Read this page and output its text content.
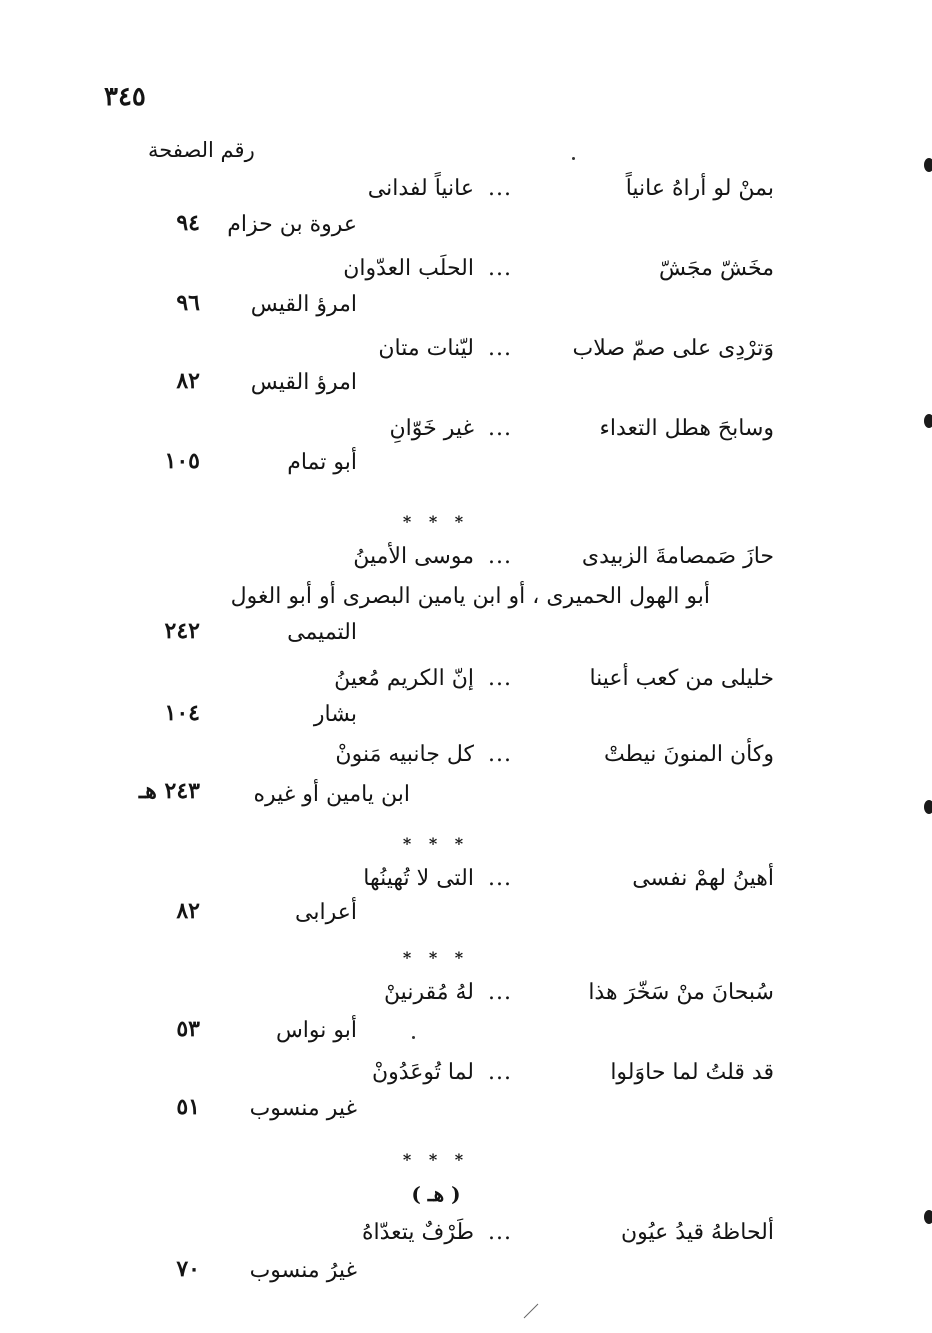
٣٤٥
رقم الصفحة
بمنْ لو أراهُ عانياً
...
عانياً لفدانى
عروة بن حزام
٩٤
مخَشّ مجَشّ
...
الحلَب العدّوان
امرؤ القيس
٩٦
وَترْدِى على صمّ صلاب
...
ليّنات متان
امرؤ القيس
٨٢
وسابحَ هطل التعداء
...
غير خَوّانِ
أبو تمام
١٠٥
* * *
حازَ صَمصامةَ الزبيدى
...
موسى الأمينُ
أبو الهول الحميرى ، أو ابن يامين البصرى أو أبو الغول
التميمى
٢٤٢
خليلى من كعب أعينا
...
إنّ الكريم مُعينُ
بشار
١٠٤
وكأن المنونَ نيطتْ
...
كل جانبيه مَنونْ
ابن يامين أو غيره
٢٤٣ هـ
* * *
أهينُ لهمْ نفسى
...
التى لا تُهينُها
أعرابى
٨٢
* * *
سُبحانَ منْ سَخّرَ هذا
...
لهُ مُقرنينْ
أبو نواس
٥٣
قد قلتُ لما حاوَلوا
...
لما تُوعَدُونْ
غير منسوب
٥١
* * *
( هـ )
ألحاظهُ قيدُ عيُون
...
طَرْفٌ يتعدّاهُ
غيرُ منسوب
٧٠
